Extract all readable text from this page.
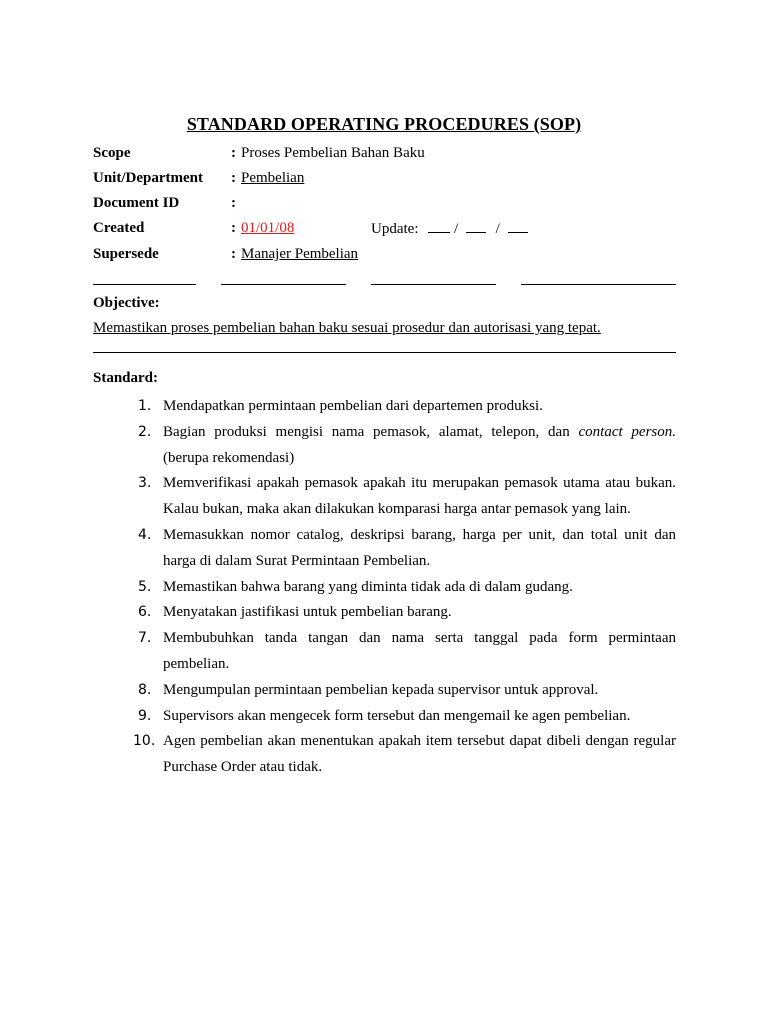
STANDARD OPERATING PROCEDURES (SOP)
Scope	: Proses Pembelian Bahan Baku
Unit/Department : Pembelian
Document ID	:
Created	: 01/01/08	Update: /	/
Supersede	: Manajer Pembelian
Objective:
Memastikan proses pembelian bahan baku sesuai prosedur dan autorisasi yang tepat.
Standard:
1. Mendapatkan permintaan pembelian dari departemen produksi.
2. Bagian produksi mengisi nama pemasok, alamat, telepon, dan contact person. (berupa rekomendasi)
3. Memverifikasi apakah pemasok apakah itu merupakan pemasok utama atau bukan. Kalau bukan, maka akan dilakukan komparasi harga antar pemasok yang lain.
4. Memasukkan nomor catalog, deskripsi barang, harga per unit, dan total unit dan harga di dalam Surat Permintaan Pembelian.
5. Memastikan bahwa barang yang diminta tidak ada di dalam gudang.
6. Menyatakan jastifikasi untuk pembelian barang.
7. Membubuhkan tanda tangan dan nama serta tanggal pada form permintaan pembelian.
8. Mengumpulan permintaan pembelian kepada supervisor untuk approval.
9. Supervisors akan mengecek form tersebut dan mengemail ke agen pembelian.
10. Agen pembelian akan menentukan apakah item tersebut dapat dibeli dengan regular Purchase Order atau tidak.
